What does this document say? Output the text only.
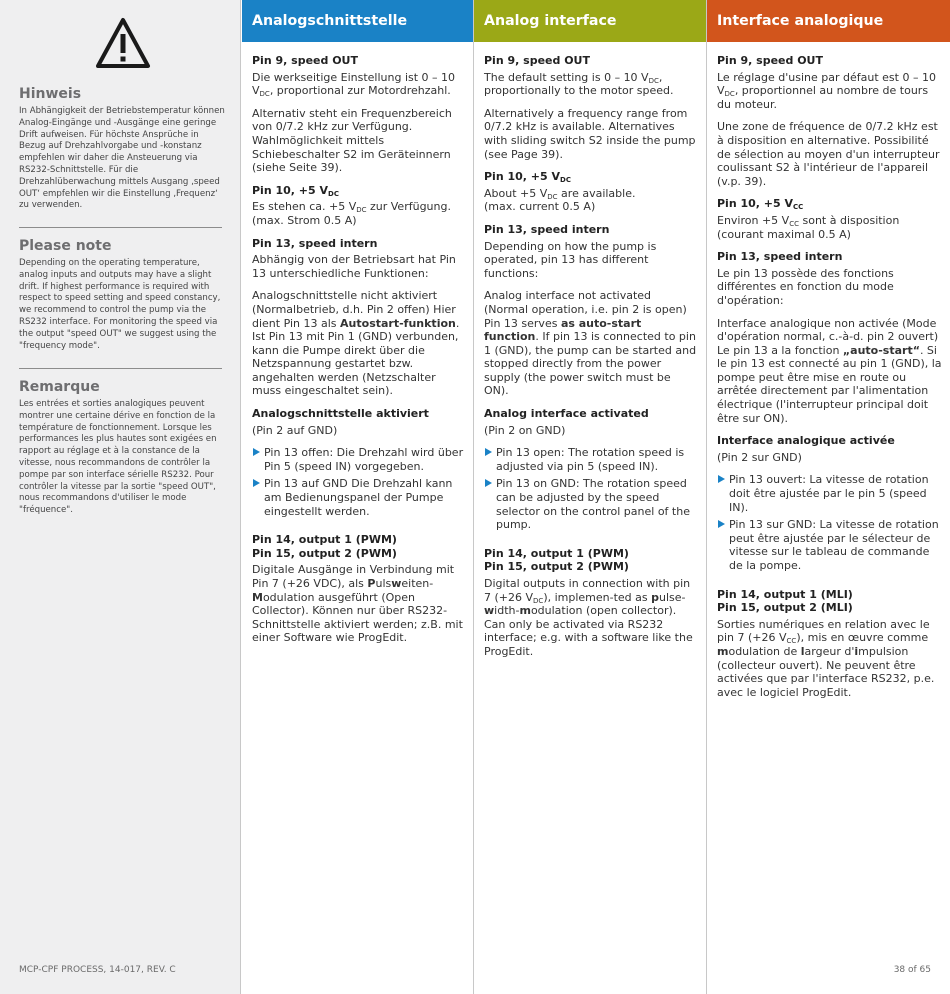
Hinweis

In Abhängigkeit der Betriebstemperatur können Analog-Eingänge und -Ausgänge eine geringe Drift aufweisen. Für höchste Ansprüche in Bezug auf Drehzahlvorgabe und -konstanz empfehlen wir daher die Ansteuerung via RS232-Schnittstelle. Für die Drehzahlüberwachung mittels Ausgang ‚speed OUT‘ empfehlen wir die Einstellung ‚Frequenz‘ zu verwenden.

Please note

Depending on the operating temperature, analog inputs and outputs may have a slight drift. If highest performance is required with respect to speed setting and speed constancy, we recommend to control the pump via the RS232 interface. For monitoring the speed via the output "speed OUT" we suggest using the "frequency mode".

Remarque

Les entrées et sorties analogiques peuvent montrer une certaine dérive en fonction de la température de fonctionnement. Lorsque les performances les plus hautes sont exigées en rapport au réglage et à la constance de la vitesse, nous recommandons de contrôler la pompe par son interface sérielle RS232. Pour contrôler la vitesse par la sortie "speed OUT", nous recommandons d'utiliser le mode "fréquence".

MCP-CPF PROCESS, 14-017, REV. C
Analogschnittstelle
Pin 9, speed OUT
Die werkseitige Einstellung ist 0 – 10 $V_{DC}$, proportional zur Motordrehzahl.
Alternativ steht ein Frequenzbereich von 0/7.2 kHz zur Verfügung. Wahlmöglichkeit mittels Schiebeschalter S2 im Geräteinnern (siehe Seite 39).
Pin 10, +5 $V_{DC}$
Es stehen ca. +5 $V_{DC}$ zur Verfügung.
(max. Strom 0.5 A)
Pin 13, speed intern
Abhängig von der Betriebsart hat Pin 13 unterschiedliche Funktionen:
Analogschnittstelle nicht aktiviert (Normalbetrieb, d.h. Pin 2 offen) Hier dient Pin 13 als Autostart-funktion. Ist Pin 13 mit Pin 1 (GND) verbunden, kann die Pumpe direkt über die Netzspannung gestartet bzw. angehalten werden (Netzschalter muss eingeschaltet sein).
Analogschnittstelle aktiviert
(Pin 2 auf GND)
Pin 13 offen: Die Drehzahl wird über Pin 5 (speed IN) vorgegeben.
Pin 13 auf GND Die Drehzahl kann am Bedienungspanel der Pumpe eingestellt werden.
Pin 14, output 1 (PWM)
Pin 15, output 2 (PWM)
Digitale Ausgänge in Verbindung mit Pin 7 (+26 VDC), als Pulsweiten-Modulation ausgeführt (Open Collector). Können nur über RS232-Schnittstelle aktiviert werden; z.B. mit einer Software wie ProgEdit.
Analog interface
Pin 9, speed OUT
The default setting is 0 – 10 $V_{DC}$, proportionally to the motor speed.
Alternatively a frequency range from 0/7.2 kHz is available. Alternatives with sliding switch S2 inside the pump (see Page 39).
Pin 10, +5 $V_{DC}$
About +5 $V_{DC}$ are available.
(max. current 0.5 A)
Pin 13, speed intern
Depending on how the pump is operated, pin 13 has different functions:
Analog interface not activated (Normal operation, i.e. pin 2 is open) Pin 13 serves as auto-start function. If pin 13 is connected to pin 1 (GND), the pump can be started and stopped directly from the power supply (the power switch must be ON).
Analog interface activated
(Pin 2 on GND)
Pin 13 open: The rotation speed is adjusted via pin 5 (speed IN).
Pin 13 on GND: The rotation speed can be adjusted by the speed selector on the control panel of the pump.
Pin 14, output 1 (PWM)
Pin 15, output 2 (PWM)
Digital outputs in connection with pin 7 (+26 $V_{DC}$), implemen-ted as pulse-width-modulation (open collector). Can only be activated via RS232 interface; e.g. with a software like the ProgEdit.
Interface analogique
Pin 9, speed OUT
Le réglage d'usine par défaut est 0 – 10 $V_{DC}$, proportionnel au nombre de tours du moteur.
Une zone de fréquence de 0/7.2 kHz est à disposition en alternative. Possibilité de sélection au moyen d'un interrupteur coulissant S2 à l'intérieur de l'appareil (v.p. 39).
Pin 10, +5 $V_{CC}$
Environ +5 $V_{CC}$ sont à disposition
(courant maximal 0.5 A)
Pin 13, speed intern
Le pin 13 possède des fonctions différentes en fonction du mode d'opération:
Interface analogique non activée (Mode d'opération normal, c.-à-d. pin 2 ouvert) Le pin 13 a la fonction „auto-start“. Si le pin 13 est connecté au pin 1 (GND), la pompe peut être mise en route ou arrêtée directement par l'alimentation électrique (l'interrupteur principal doit être sur ON).
Interface analogique activée
(Pin 2 sur GND)
Pin 13 ouvert: La vitesse de rotation doit être ajustée par le pin 5 (speed IN).
Pin 13 sur GND: La vitesse de rotation peut être ajustée par le sélecteur de vitesse sur le tableau de commande de la pompe.
Pin 14, output 1 (MLI)
Pin 15, output 2 (MLI)
Sorties numériques en relation avec le pin 7 (+26 $V_{CC}$), mis en œuvre comme modulation de largeur d'impulsion (collecteur ouvert). Ne peuvent être activées que par l'interface RS232, p.e. avec le logiciel ProgEdit.
38 of 65
